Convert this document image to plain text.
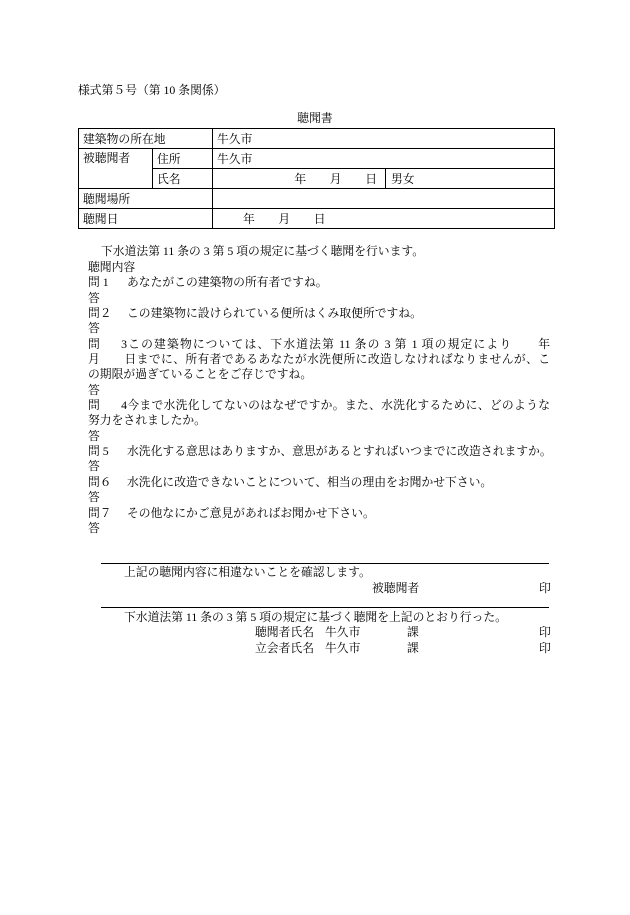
様式第５号（第 10 条関係）
聴聞書
建築物の所在地		牛久市	
被聴聞者	住所	牛久市	
	氏名	年　　月　　日	男女
聴聞場所			
聴聞日		年　　月　　日	
下水道法第 11 条の 3 第 5 項の規定に基づく聴聞を行います。
聴聞内容
問 1 あなたがこの建築物の所有者ですね。
答
問２ この建築物に設けられている便所はくみ取便所ですね。
答
問 3この建築物については、下水道法第 11 条の 3 第 1 項の規定により　　年
月　　日までに、所有者であるあなたが水洗便所に改造しなければなりませんが、こ
の期限が過ぎていることをご存じですね。
答
問 4今まで水洗化してないのはなぜですか。また、水洗化するために、どのような
努力をされましたか。
答
問 5 水洗化する意思はありますか、意思があるとすればいつまでに改造されますか。
答
問６ 水洗化に改造できないことについて、相当の理由をお聞かせ下さい。
答
問７ その他なにかご意見があればお聞かせ下さい。
答
上記の聴聞内容に相違ないことを確認します。
被聴聞者	印
下水道法第 11 条の 3 第 5 項の規定に基づく聴聞を上記のとおり行った。
聴聞者氏名 牛久市	課	印
立会者氏名 牛久市	課	印
